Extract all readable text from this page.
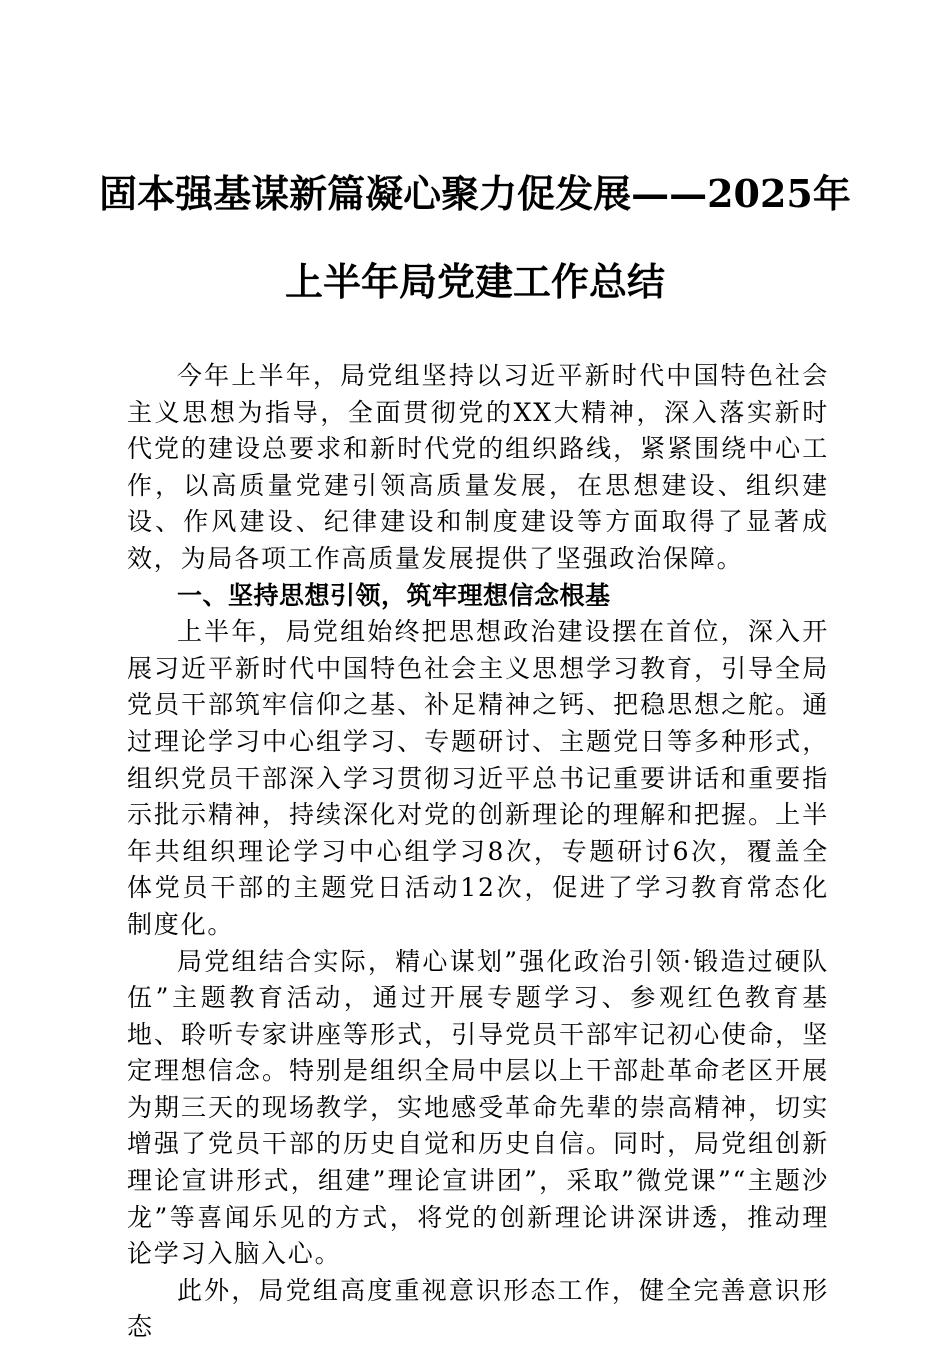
固本强基谋新篇凝心聚力促发展——2025年
上半年局党建工作总结

今年上半年，局党组坚持以习近平新时代中国特色社会主义思想为指导，全面贯彻党的XX大精神，深入落实新时代党的建设总要求和新时代党的组织路线，紧紧围绕中心工作，以高质量党建引领高质量发展，在思想建设、组织建设、作风建设、纪律建设和制度建设等方面取得了显著成效，为局各项工作高质量发展提供了坚强政治保障。

一、坚持思想引领，筑牢理想信念根基

上半年，局党组始终把思想政治建设摆在首位，深入开展习近平新时代中国特色社会主义思想学习教育，引导全局党员干部筑牢信仰之基、补足精神之钙、把稳思想之舵。通过理论学习中心组学习、专题研讨、主题党日等多种形式，组织党员干部深入学习贯彻习近平总书记重要讲话和重要指示批示精神，持续深化对党的创新理论的理解和把握。上半年共组织理论学习中心组学习8次，专题研讨6次，覆盖全体党员干部的主题党日活动12次，促进了学习教育常态化制度化。

局党组结合实际，精心谋划”强化政治引领·锻造过硬队伍”主题教育活动，通过开展专题学习、参观红色教育基地、聆听专家讲座等形式，引导党员干部牢记初心使命，坚定理想信念。特别是组织全局中层以上干部赴革命老区开展为期三天的现场教学，实地感受革命先辈的崇高精神，切实增强了党员干部的历史自觉和历史自信。同时，局党组创新理论宣讲形式，组建”理论宣讲团”，采取”微党课”“主题沙龙”等喜闻乐见的方式，将党的创新理论讲深讲透，推动理论学习入脑入心。

此外，局党组高度重视意识形态工作，健全完善意识形态
